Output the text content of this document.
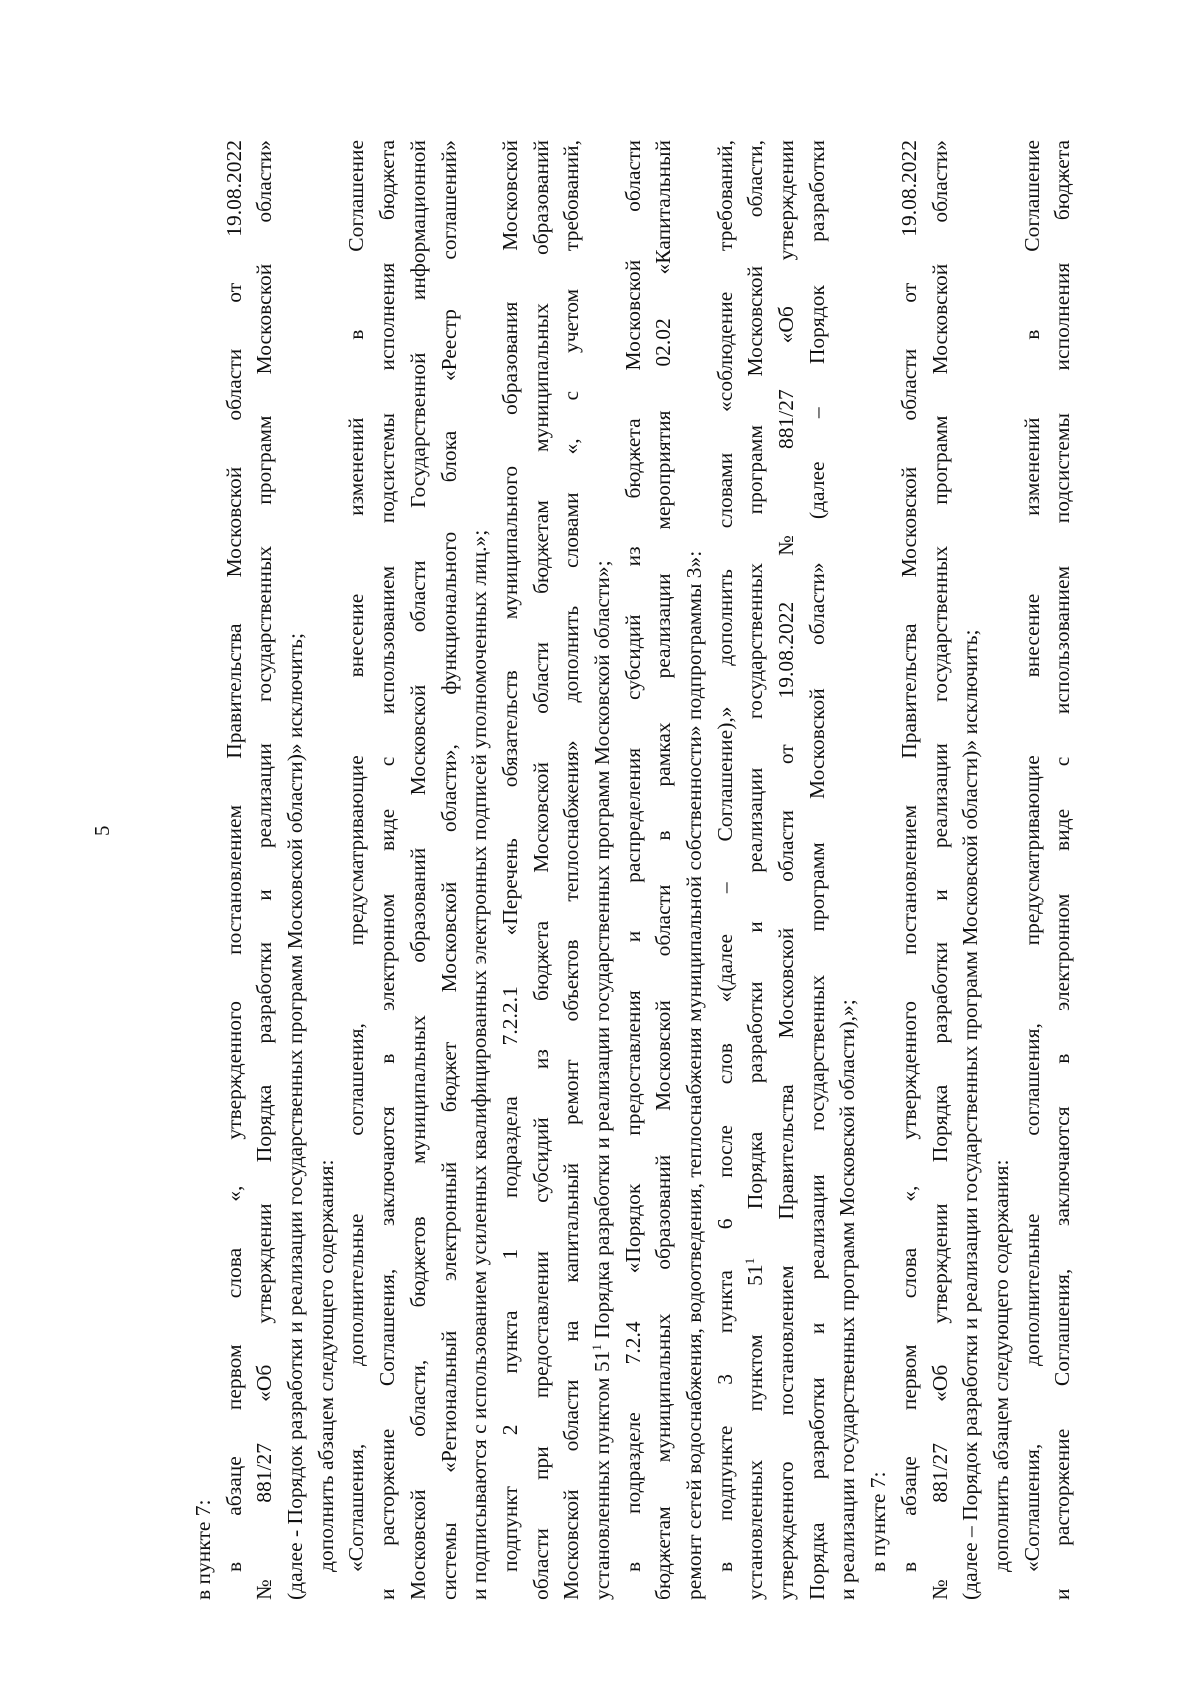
5
в пункте 7: в абзаце первом слова «, утвержденного постановлением Правительства Московской области от 19.08.2022 № 881/27 «Об утверждении Порядка разработки и реализации государственных программ Московской области» (далее - Порядок разработки и реализации государственных программ Московской области)» исключить; дополнить абзацем следующего содержания: «Соглашения, дополнительные соглашения, предусматривающие внесение изменений в Соглашение и расторжение Соглашения, заключаются в электронном виде с использованием подсистемы исполнения бюджета Московской области, бюджетов муниципальных образований Московской области Государственной информационной системы «Региональный электронный бюджет Московской области», функционального блока «Реестр соглашений» и подписываются с использованием усиленных квалифицированных электронных подписей уполномоченных лиц.»; подпункт 2 пункта 1 подраздела 7.2.2.1 «Перечень обязательств муниципального образования Московской области при предоставлении субсидий из бюджета Московской области бюджетам муниципальных образований Московской области на капитальный ремонт объектов теплоснабжения» дополнить словами «, с учетом требований, установленных пунктом $51^1$ Порядка разработки и реализации государственных программ Московской области»; в подразделе 7.2.4 «Порядок предоставления и распределения субсидий из бюджета Московской области бюджетам муниципальных образований Московской области в рамках реализации мероприятия 02.02 «Капитальный ремонт сетей водоснабжения, водоотведения, теплоснабжения муниципальной собственности» подпрограммы 3»: в подпункте 3 пункта 6 после слов «(далее – Соглашение),» дополнить словами «соблюдение требований, установленных пунктом $51^1$ Порядка разработки и реализации государственных программ Московской области, утвержденного постановлением Правительства Московской области от 19.08.2022 № 881/27 «Об утверждении Порядка разработки и реализации государственных программ Московской области» (далее – Порядок разработки и реализации государственных программ Московской области),»; в пункте 7: в абзаце первом слова «, утвержденного постановлением Правительства Московской области от 19.08.2022 № 881/27 «Об утверждении Порядка разработки и реализации государственных программ Московской области» (далее – Порядок разработки и реализации государственных программ Московской области)» исключить; дополнить абзацем следующего содержания: «Соглашения, дополнительные соглашения, предусматривающие внесение изменений в Соглашение и расторжение Соглашения, заключаются в электронном виде с использованием подсистемы исполнения бюджета
